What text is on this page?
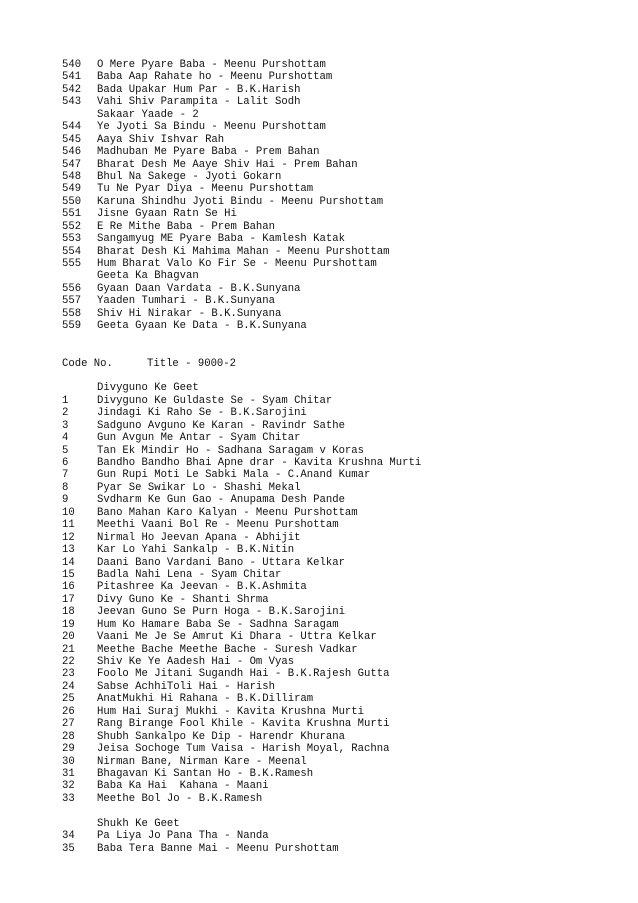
540	O Mere Pyare Baba - Meenu Purshottam
541	Baba Aap Rahate ho - Meenu Purshottam
542	Bada Upakar Hum Par - B.K.Harish
543	Vahi Shiv Parampita - Lalit Sodh
Sakaar Yaade - 2
544	Ye Jyoti Sa Bindu - Meenu Purshottam
545	Aaya Shiv Ishvar Rah
546	Madhuban Me Pyare Baba - Prem Bahan
547	Bharat Desh Me Aaye Shiv Hai - Prem Bahan
548	Bhul Na Sakege - Jyoti Gokarn
549	Tu Ne Pyar Diya - Meenu Purshottam
550	Karuna Shindhu Jyoti Bindu - Meenu Purshottam
551	Jisne Gyaan Ratn Se Hi
552	E Re Mithe Baba - Prem Bahan
553	Sangamyug ME Pyare Baba - Kamlesh Katak
554	Bharat Desh Ki Mahima Mahan - Meenu Purshottam
555	Hum Bharat Valo Ko Fir Se - Meenu Purshottam
Geeta Ka Bhagvan
556	Gyaan Daan Vardata - B.K.Sunyana
557	Yaaden Tumhari - B.K.Sunyana
558	Shiv Hi Nirakar - B.K.Sunyana
559	Geeta Gyaan Ke Data - B.K.Sunyana
Code No.	Title - 9000-2
Divyguno Ke Geet
1	Divyguno Ke Guldaste Se - Syam Chitar
2	Jindagi Ki Raho Se - B.K.Sarojini
3	Sadguno Avguno Ke Karan - Ravindr Sathe
4	Gun Avgun Me Antar - Syam Chitar
5	Tan Ek Mindir Ho - Sadhana Saragam v Koras
6	Bandho Bandho Bhai Apne drar - Kavita Krushna Murti
7	Gun Rupi Moti Le Sabki Mala - C.Anand Kumar
8	Pyar Se Swikar Lo - Shashi Mekal
9	Svdharm Ke Gun Gao - Anupama Desh Pande
10	Bano Mahan Karo Kalyan - Meenu Purshottam
11	Meethi Vaani Bol Re - Meenu Purshottam
12	Nirmal Ho Jeevan Apana - Abhijit
13	Kar Lo Yahi Sankalp - B.K.Nitin
14	Daani Bano Vardani Bano - Uttara Kelkar
15	Badla Nahi Lena - Syam Chitar
16	Pitashree Ka Jeevan - B.K.Ashmita
17	Divy Guno Ke - Shanti Shrma
18	Jeevan Guno Se Purn Hoga - B.K.Sarojini
19	Hum Ko Hamare Baba Se - Sadhna Saragam
20	Vaani Me Je Se Amrut Ki Dhara - Uttra Kelkar
21	Meethe Bache Meethe Bache - Suresh Vadkar
22	Shiv Ke Ye Aadesh Hai - Om Vyas
23	Foolo Me Jitani Sugandh Hai - B.K.Rajesh Gutta
24	Sabse AchhiToli Hai - Harish
25	AnatMukhi Hi Rahana - B.K.Dilliram
26	Hum Hai Suraj Mukhi - Kavita Krushna Murti
27	Rang Birange Fool Khile - Kavita Krushna Murti
28	Shubh Sankalpo Ke Dip - Harendr Khurana
29	Jeisa Sochoge Tum Vaisa - Harish Moyal, Rachna
30	Nirman Bane, Nirman Kare - Meenal
31	Bhagavan Ki Santan Ho - B.K.Ramesh
32	Baba Ka Hai  Kahana - Maani
33	Meethe Bol Jo - B.K.Ramesh
Shukh Ke Geet
34	Pa Liya Jo Pana Tha - Nanda
35	Baba Tera Banne Mai - Meenu Purshottam
